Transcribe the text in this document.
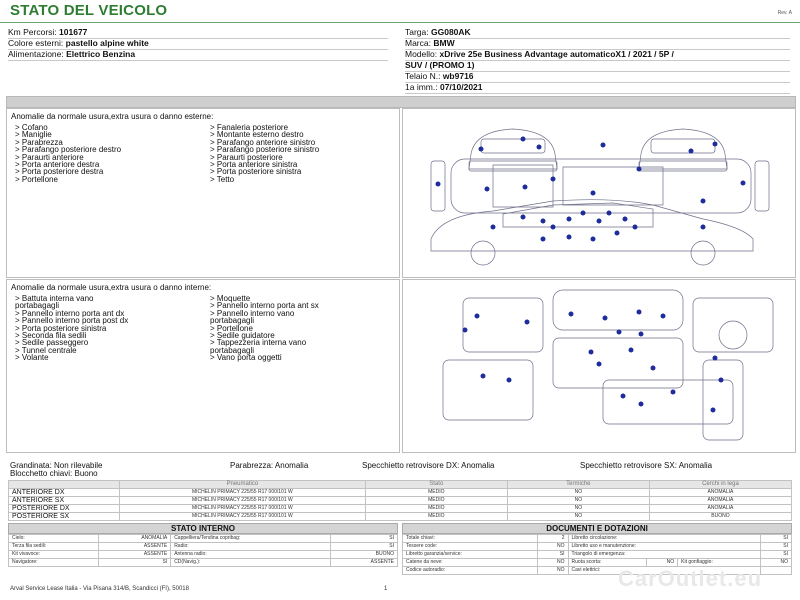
STATO DEL VEICOLO	Rev. A
Km Percorsi: 101677
Colore esterni: pastello alpine white
Alimentazione: Elettrico Benzina
Targa: GG080AK
Marca: BMW
Modello: xDrive 25e Business Advantage automaticoX1 / 2021 / 5P /
SUV / (PROMO 1)
Telaio N.: wb9716
1a imm.: 07/10/2021
Anomalie da normale usura,extra usura o danno esterne:
> Cofano
> Maniglie
> Parabrezza
> Parafango posteriore destro
> Paraurti anteriore
> Porta anteriore destra
> Porta posteriore destra
> Portellone
> Fanaleria posteriore
> Montante esterno destro
> Parafango anteriore sinistro
> Parafango posteriore sinistro
> Paraurti posteriore
> Porta anteriore sinistra
> Porta posteriore sinistra
> Tetto
Anomalie da normale usura,extra usura o danno interne:
> Battuta interna vano
portabagagli
> Pannello interno porta ant dx
> Pannello interno porta post dx
> Porta posteriore sinistra
> Seconda fila sedili
> Sedile passeggero
> Tunnel centrale
> Volante
> Moquette
> Pannello interno porta ant sx
> Pannello interno vano
portabagagli
> Portellone
> Sedile guidatore
> Tappezzeria interna vano
portabagagli
> Vano porta oggetti
Grandinata: Non rilevabile	Parabrezza: Anomalia	Specchietto retrovisore DX: Anomalia	Specchietto retrovisore SX: Anomalia
Blocchetto chiavi: Buono
	Pneumatico	Stato	Termiche	Cerchi in lega
ANTERIORE DX	MICHELIN PRIMACY 225/55 R17 000/101 W	MEDIO	NO	ANOMALIA
ANTERIORE SX	MICHELIN PRIMACY 225/55 R17 000/101 W	MEDIO	NO	ANOMALIA
POSTERIORE DX	MICHELIN PRIMACY 225/55 R17 000/101 W	MEDIO	NO	ANOMALIA
POSTERIORE SX	MICHELIN PRIMACY 225/55 R17 000/101 W	MEDIO	NO	BUONO
STATO INTERNO
Cielo:	ANOMALIA	Cappelliera/Tendina copribag:	SI
Terza fila sedili:	ASSENTE	Radio:	SI
Kit vivavoce:	ASSENTE	Antenna radio:	BUONO
Navigatore:	SI	CD(Navig.):	ASSENTE
DOCUMENTI E DOTAZIONI
Totale chiavi:	2	Libretto circolazione:			SI
Tessere code:	NO	Libretto uso e manutenzione:			SI
Libretto garanzia/service:	SI	Triangolo di emergenza:			SI
Catene da neve:	NO	Ruota scorta:	NO	Kit gonfiaggio:	NO
Codice autoradio:	NO	Cavi elettrici:			
Arval Service Lease Italia - Via Pisana 314/B, Scandicci (FI), 50018	1	CarOutlet.eu
